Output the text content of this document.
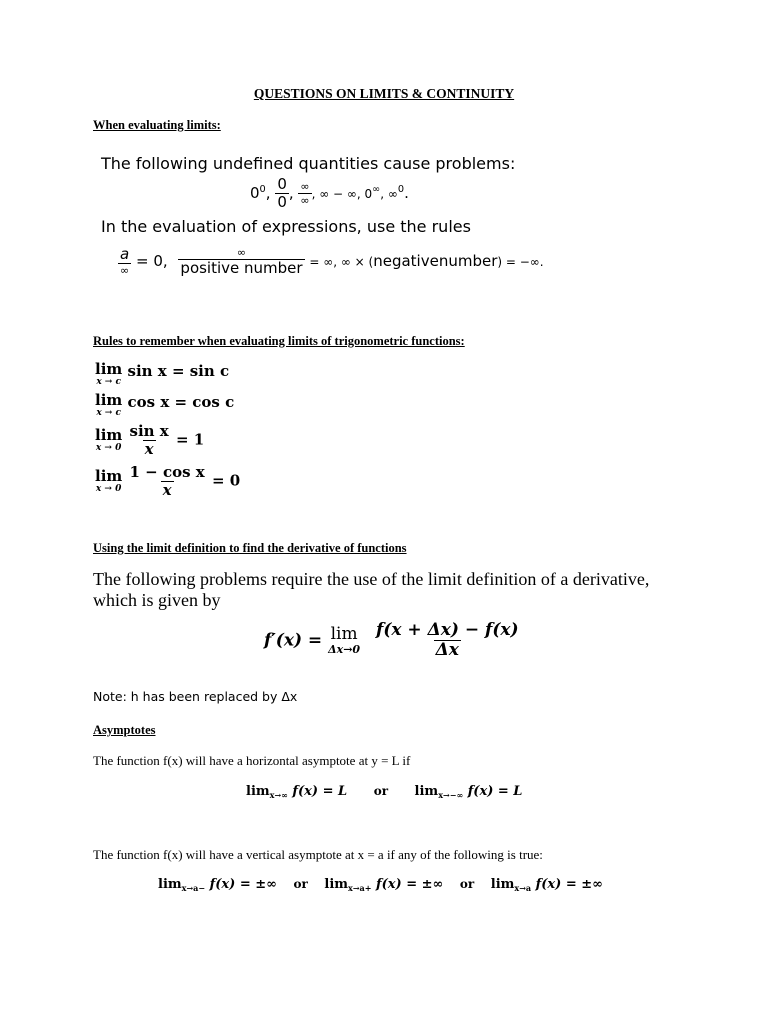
QUESTIONS ON LIMITS & CONTINUITY
When evaluating limits:
The following undefined quantities cause problems:
$0^0$, $\frac{0}{0}$ , $\frac{\infty}{\infty}$ , ∞ − ∞, 0∞, ∞$^0$.
In the evaluation of expressions, use the rules
$\frac{a}{\infty} = 0$, $\frac{\infty}{\text{positive number}}$ = ∞, ∞ × (negativenumber) = −∞.
Rules to remember when evaluating limits of trigonometric functions:
lim
x → c
sin x = sin c
lim
x → c
cos x = cos c
lim
x → 0
$\frac{\text{sin x}}{x} = 1$
lim
x → 0
$\frac{\text{1 − cos x}}{x} = 0$
Using the limit definition to find the derivative of functions
The following problems require the use of the limit definition of a derivative,
which is given by
f′(x) = lim
Δx→0
$\frac{f(x + \Delta x) - f(x)}{\Delta x}$
Note: h has been replaced by Δx
Asymptotes
The function f(x) will have a horizontal asymptote at y = L if
$\lim_{x\to\infty} f(x) = L$ or $\lim_{x\to-\infty} f(x) = L$
The function f(x) will have a vertical asymptote at x = a if any of the following is true:
$\lim_{x\to a-} f(x)$ = ±∞ or $\lim_{x\to a+} f(x)$ = ±∞ or $\lim_{x\to a} f(x)$ = ±∞
